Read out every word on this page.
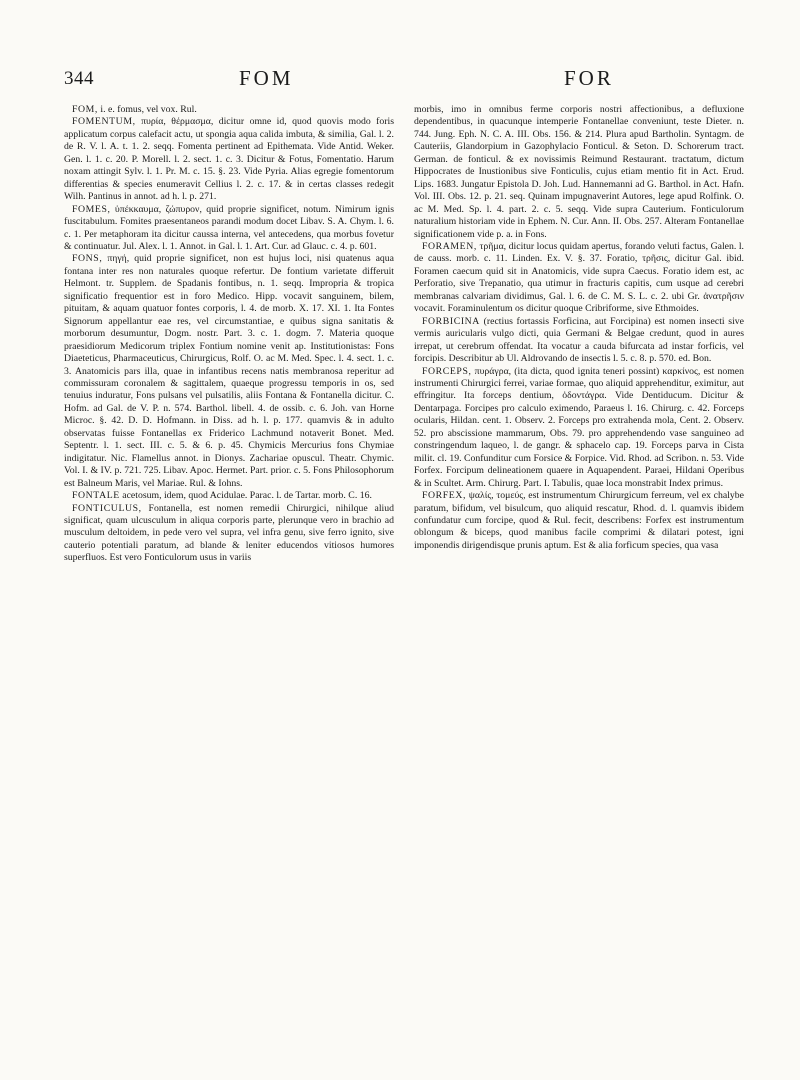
344	FOM	FOR

FOM, i. e. fomus, vel vox. Rul.

FOMENTUM, πυρία, θέρμασμα, dicitur omne id, quod quovis modo foris applicatum corpus calefacit actu, ut spongia aqua calida imbuta, & similia, Gal. l. 2. de R. V. l. A. t. 1. 2. seqq. Fomenta pertinent ad Epithemata. Vide Antid. Weker. Gen. l. 1. c. 20. P. Morell. l. 2. sect. 1. c. 3. Dicitur & Fotus, Fomentatio. Harum noxam attingit Sylv. l. 1. Pr. M. c. 15. §. 23. Vide Pyria. Alias egregie fomentorum differentias & species enumeravit Cellius l. 2. c. 17. & in certas classes redegit Wilh. Pantinus in annot. ad h. l. p. 271.

FOMES, ὑπέκκαυμα, ζώπυρον, quid proprie significet, notum. Nimirum ignis fuscitabulum. Fomites praesentaneos parandi modum docet Libav. S. A. Chym. l. 6. c. 1. Per metaphoram ita dicitur caussa interna, vel antecedens, qua morbus fovetur & continuatur. Jul. Alex. l. 1. Annot. in Gal. l. 1. Art. Cur. ad Glauc. c. 4. p. 601.

FONS, πηγή, quid proprie significet, non est hujus loci, nisi quatenus aqua fontana inter res non naturales quoque refertur. De fontium varietate differuit Helmont. tr. Supplem. de Spadanis fontibus, n. 1. seqq. Impropria & tropica significatio frequentior est in foro Medico. Hipp. vocavit sanguinem, bilem, pituitam, & aquam quatuor fontes corporis, l. 4. de morb. X. 17. XI. 1. Ita Fontes Signorum appellantur eae res, vel circumstantiae, e quibus signa sanitatis & morborum desumuntur, Dogm. nostr. Part. 3. c. 1. dogm. 7. Materia quoque praesidiorum Medicorum triplex Fontium nomine venit ap. Institutionistas: Fons Diaeteticus, Pharmaceuticus, Chirurgicus, Rolf. O. ac M. Med. Spec. l. 4. sect. 1. c. 3. Anatomicis pars illa, quae in infantibus recens natis membranosa reperitur ad commissuram coronalem & sagittalem, quaeque progressu temporis in os, sed tenuius induratur, Fons pulsans vel pulsatilis, aliis Fontana & Fontanella dicitur. C. Hofm. ad Gal. de V. P. n. 574. Barthol. libell. 4. de ossib. c. 6. Joh. van Horne Microc. §. 42. D. D. Hofmann. in Diss. ad h. l. p. 177. quamvis & in adulto observatas fuisse Fontanellas ex Friderico Lachmund notaverit Bonet. Med. Septentr. l. 1. sect. III. c. 5. & 6. p. 45. Chymicis Mercurius fons Chymiae indigitatur. Nic. Flamellus annot. in Dionys. Zachariae opuscul. Theatr. Chymic. Vol. I. & IV. p. 721. 725. Libav. Apoc. Hermet. Part. prior. c. 5. Fons Philosophorum est Balneum Maris, vel Mariae. Rul. & Iohns.

FONTALE acetosum, idem, quod Acidulae. Parac. l. de Tartar. morb. C. 16.

FONTICULUS, Fontanella, est nomen remedii Chirurgici, nihilque aliud significat, quam ulcusculum in aliqua corporis parte, plerunque vero in brachio ad musculum deltoidem, in pede vero vel supra, vel infra genu, sive ferro ignito, sive cauterio potentiali paratum, ad blande & leniter educendos vitiosos humores superfluos. Est vero Fonticulorum usus in variis

morbis, imo in omnibus ferme corporis nostri affectionibus, a defluxione dependentibus, in quacunque intemperie Fontanellae conveniunt, teste Dieter. n. 744. Jung. Eph. N. C. A. III. Obs. 156. & 214. Plura apud Bartholin. Syntagm. de Cauteriis, Glandorpium in Gazophylacio Fonticul. & Seton. D. Schorerum tract. German. de fonticul. & ex novissimis Reimund Restaurant. tractatum, dictum Hippocrates de Inustionibus sive Fonticulis, cujus etiam mentio fit in Act. Erud. Lips. 1683. Jungatur Epistola D. Joh. Lud. Hannemanni ad G. Barthol. in Act. Hafn. Vol. III. Obs. 12. p. 21. seq. Quinam impugnaverint Autores, lege apud Rolfink. O. ac M. Med. Sp. l. 4. part. 2. c. 5. seqq. Vide supra Cauterium. Fonticulorum naturalium historiam vide in Ephem. N. Cur. Ann. II. Obs. 257. Alteram Fontanellae significationem vide p. a. in Fons.

FORAMEN, τρῆμα, dicitur locus quidam apertus, forando veluti factus, Galen. l. de causs. morb. c. 11. Linden. Ex. V. §. 37. Foratio, τρῆσις, dicitur Gal. ibid. Foramen caecum quid sit in Anatomicis, vide supra Caecus. Foratio idem est, ac Perforatio, sive Trepanatio, qua utimur in fracturis capitis, cum usque ad cerebri membranas calvariam dividimus, Gal. l. 6. de C. M. S. L. c. 2. ubi Gr. ἀνατρῆσιν vocavit. Foraminulentum os dicitur quoque Cribriforme, sive Ethmoides.

FORBICINA (rectius fortassis Forficina, aut Forcipina) est nomen insecti sive vermis auricularis vulgo dicti, quia Germani & Belgae credunt, quod in aures irrepat, ut cerebrum offendat. Ita vocatur a cauda bifurcata ad instar forficis, vel forcipis. Describitur ab Ul. Aldrovando de insectis l. 5. c. 8. p. 570. ed. Bon.

FORCEPS, πυράγρα, (ita dicta, quod ignita teneri possint) καρκίνος, est nomen instrumenti Chirurgici ferrei, variae formae, quo aliquid apprehenditur, eximitur, aut effringitur. Ita forceps dentium, ὀδοντάγρα. Vide Dentiducum. Dicitur & Dentarpaga. Forcipes pro calculo eximendo, Paraeus l. 16. Chirurg. c. 42. Forceps ocularis, Hildan. cent. 1. Observ. 2. Forceps pro extrahenda mola, Cent. 2. Observ. 52. pro abscissione mammarum, Obs. 79. pro apprehendendo vase sanguineo ad constringendum laqueo, l. de gangr. & sphacelo cap. 19. Forceps parva in Cista milit. cl. 19. Confunditur cum Forsice & Forpice. Vid. Rhod. ad Scribon. n. 53. Vide Forfex. Forcipum delineationem quaere in Aquapendent. Paraei, Hildani Operibus & in Scultet. Arm. Chirurg. Part. I. Tabulis, quae loca monstrabit Index primus.

FORFEX, ψαλίς, τομεύς, est instrumentum Chirurgicum ferreum, vel ex chalybe paratum, bifidum, vel bisulcum, quo aliquid rescatur, Rhod. d. l. quamvis ibidem confundatur cum forcipe, quod & Rul. fecit, describens: Forfex est instrumentum oblongum & biceps, quod manibus facile comprimi & dilatari potest, igni imponendis dirigendisque prunis aptum. Est & alia forficum species, qua vasa
